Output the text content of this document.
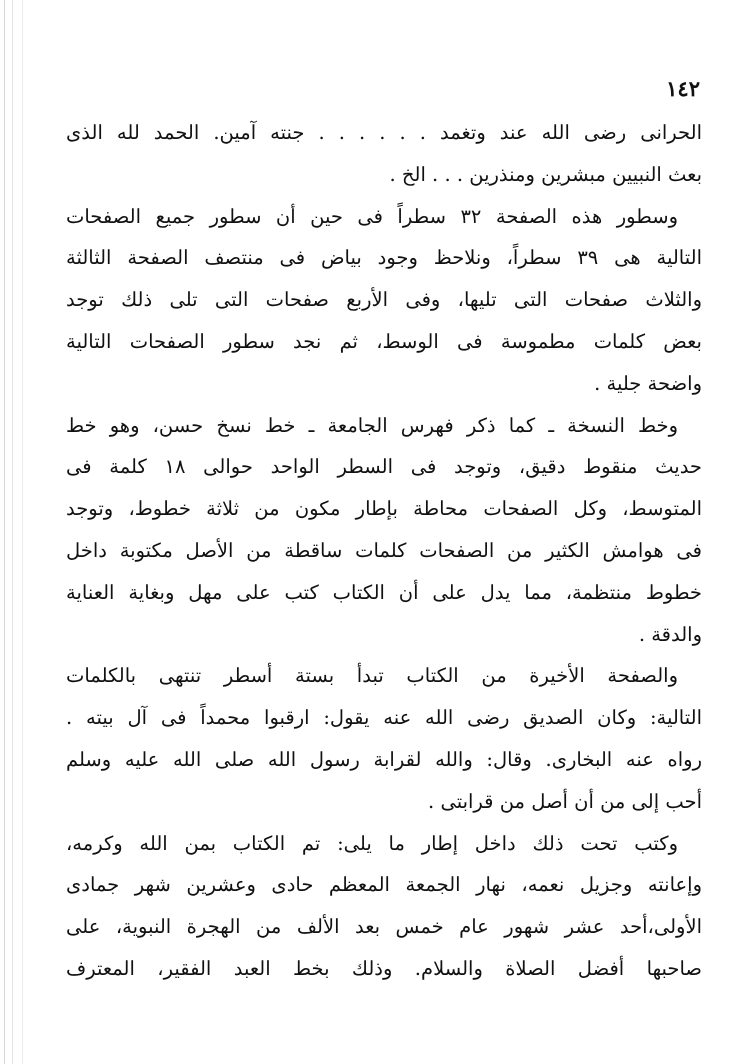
١٤٢
الحرانى رضى الله عند وتغمد . . . . . . جنته آمين. الحمد لله الذى
بعث النبيين مبشرين ومنذرين . . . الخ .
وسطور هذه الصفحة ٣٢ سطراً فى حين أن سطور جميع الصفحات
التالية هى ٣٩ سطراً، ونلاحظ وجود بياض فى منتصف الصفحة الثالثة
والثلاث صفحات التى تليها، وفى الأربع صفحات التى تلى ذلك توجد
بعض كلمات مطموسة فى الوسط، ثم نجد سطور الصفحات التالية
واضحة جلية .
وخط النسخة ـ كما ذكر فهرس الجامعة ـ خط نسخ حسن، وهو خط
حديث منقوط دقيق، وتوجد فى السطر الواحد حوالى ١٨ كلمة فى
المتوسط، وكل الصفحات محاطة بإطار مكون من ثلاثة خطوط، وتوجد
فى هوامش الكثير من الصفحات كلمات ساقطة من الأصل مكتوبة داخل
خطوط منتظمة، مما يدل على أن الكتاب كتب على مهل وبغاية العناية
والدقة .
والصفحة الأخيرة من الكتاب تبدأ بستة أسطر تنتهى بالكلمات
التالية: وكان الصديق رضى الله عنه يقول: ارقبوا محمداً فى آل بيته .
رواه عنه البخارى. وقال: والله لقرابة رسول الله صلى الله عليه وسلم
أحب إلى من أن أصل من قرابتى .
وكتب تحت ذلك داخل إطار ما يلى: تم الكتاب بمن الله وكرمه،
وإعانته وجزيل نعمه، نهار الجمعة المعظم حادى وعشرين شهر جمادى
الأولى،أحد عشر شهور عام خمس بعد الألف من الهجرة النبوية، على
صاحبها أفضل الصلاة والسلام. وذلك بخط العبد الفقير، المعترف
